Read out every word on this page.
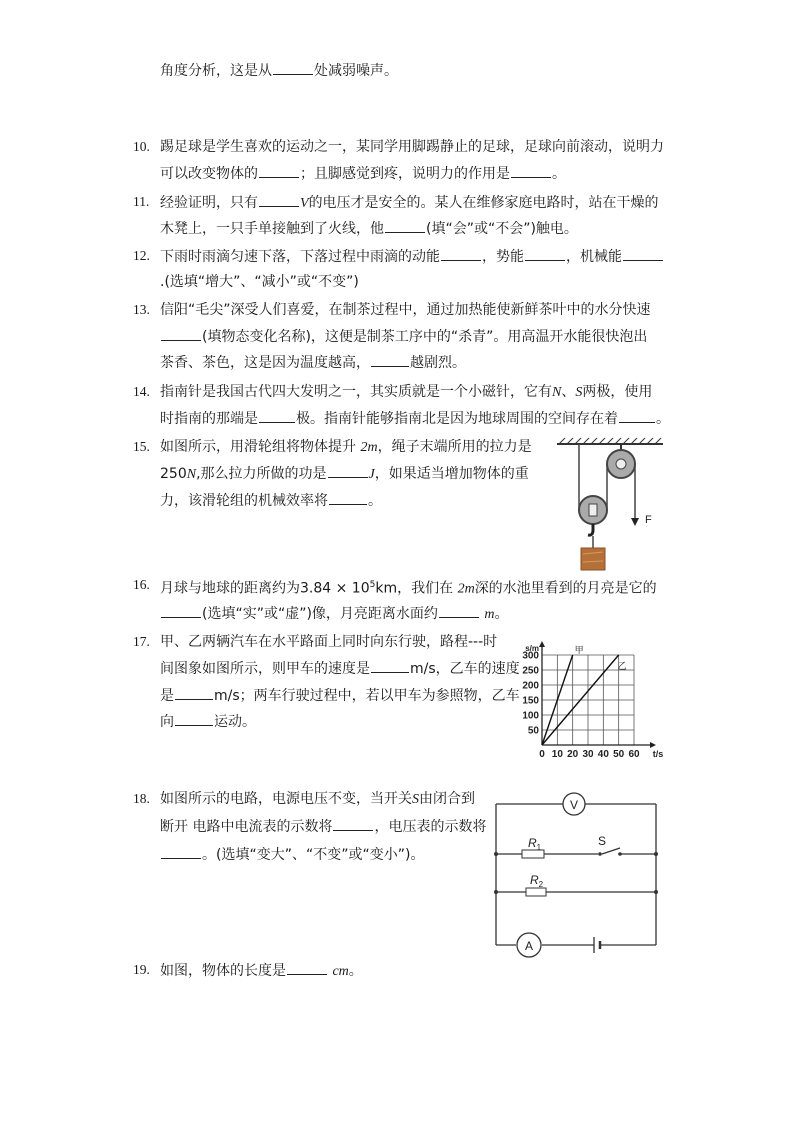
角度分析，这是从	处减弱噪声。
10. 踢足球是学生喜欢的运动之一，某同学用脚踢静止的足球，足球向前滚动，说明力
可以改变物体的	；且脚感觉到疼，说明力的作用是	。
11. 经验证明，只有	V的电压才是安全的。某人在维修家庭电路时，站在干燥的
木凳上，一只手单接触到了火线，他	(填“会”或“不会”)触电。
12. 下雨时雨滴匀速下落，下落过程中雨滴的动能	，势能	，机械能
.(选填“增大”、“减小”或“不变”)
13. 信阳“毛尖”深受人们喜爱，在制茶过程中，通过加热能使新鲜茶叶中的水分快速
(填物态变化名称)，这便是制茶工序中的“杀青”。用高温开水能很快泡出
茶香、茶色，这是因为温度越高，	越剧烈。
14. 指南针是我国古代四大发明之一，其实质就是一个小磁针，它有N、S两极，使用
时指南的那端是	极。指南针能够指南北是因为地球周围的空间存在着	。
15. 如图所示，用滑轮组将物体提升 2m，绳子末端所用的拉力是
250N,那么拉力所做的功是	J，如果适当增加物体的重
力，该滑轮组的机械效率将	。
F
16. 月球与地球的距离约为$3.84 \times 10^5km$，我们在 2m深的水池里看到的月亮是它的
(选填“实”或“虚”)像，月亮距离水面约	m。
17. 甲、乙两辆汽车在水平路面上同时向东行驶，路程---时
间图象如图所示，则甲车的速度是	m/s，乙车的速度
是	m/s；两车行驶过程中，若以甲车为参照物，乙车
向	运动。
甲
乙
0 10 20 30 40 50 60
50
100
150
200
250
300
t/s
s/m
18. 如图所示的电路，电源电压不变，当开关S由闭合到
断开 电路中电流表的示数将	，电压表的示数将
。(选填“变大”、“不变”或“变小”)。
V
$R_1$	S
$R_2$
A
19. 如图，物体的长度是	cm。
